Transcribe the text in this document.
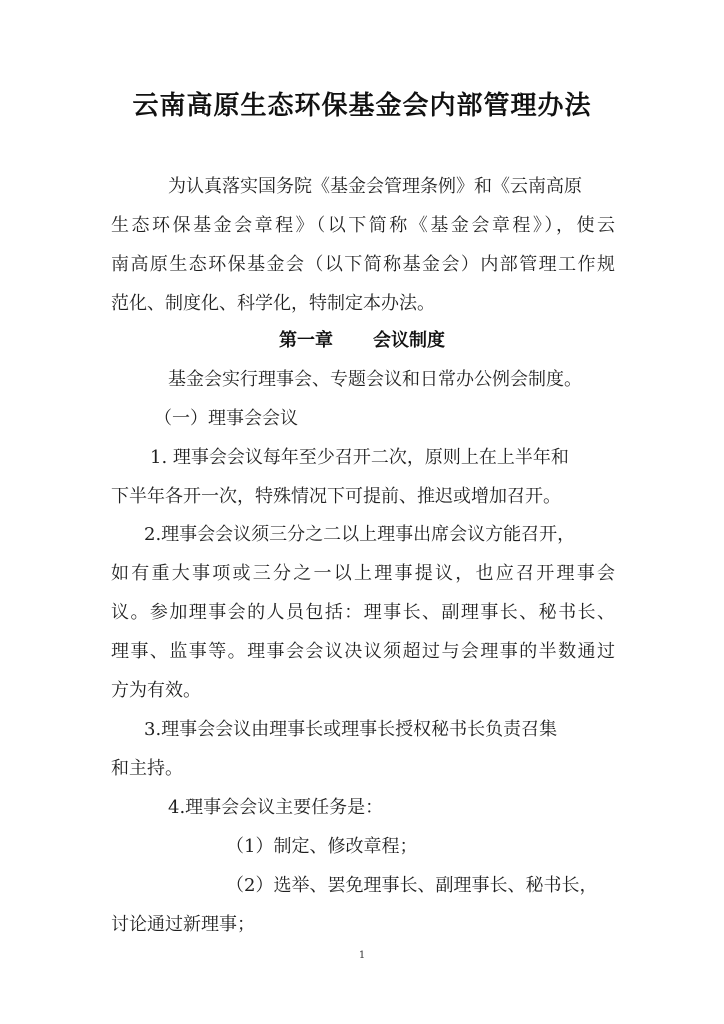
云南高原生态环保基金会内部管理办法
为认真落实国务院《基金会管理条例》和《云南高原
生态环保基金会章程》（以下简称《基金会章程》），使云
南高原生态环保基金会（以下简称基金会）内部管理工作规
范化、制度化、科学化，特制定本办法。
第一章 会议制度
基金会实行理事会、专题会议和日常办公例会制度。
（一）理事会会议
1. 理事会会议每年至少召开二次，原则上在上半年和
下半年各开一次，特殊情况下可提前、推迟或增加召开。
2.理事会会议须三分之二以上理事出席会议方能召开，
如有重大事项或三分之一以上理事提议，也应召开理事会
议。参加理事会的人员包括：理事长、副理事长、秘书长、
理事、监事等。理事会会议决议须超过与会理事的半数通过
方为有效。
3.理事会会议由理事长或理事长授权秘书长负责召集
和主持。
4.理事会会议主要任务是：
（1）制定、修改章程；
（2）选举、罢免理事长、副理事长、秘书长，
讨论通过新理事；
1
